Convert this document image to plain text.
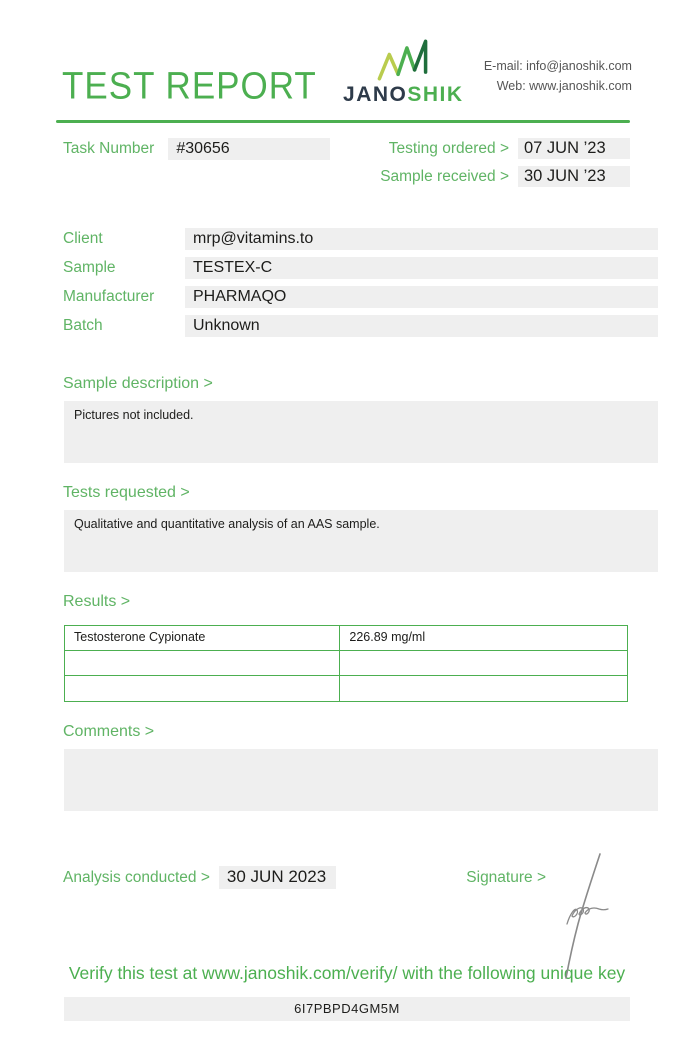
TEST REPORT JANOSHIK
E-mail: info@janoshik.com
Web: www.janoshik.com
Task Number	#30656	Testing ordered > 07 JUN ’23
Sample received > 30 JUN ’23
Client	mrp@vitamins.to
Sample	TESTEX-C
Manufacturer	PHARMAQO
Batch	Unknown
Sample description >
Pictures not included.
Tests requested >
Qualitative and quantitative analysis of an AAS sample.
Results >
Testosterone Cypionate	226.89 mg/ml
Comments >
Analysis conducted >	30 JUN 2023	Signature >
Verify this test at www.janoshik.com/verify/ with the following unique key
6I7PBPD4GM5M
